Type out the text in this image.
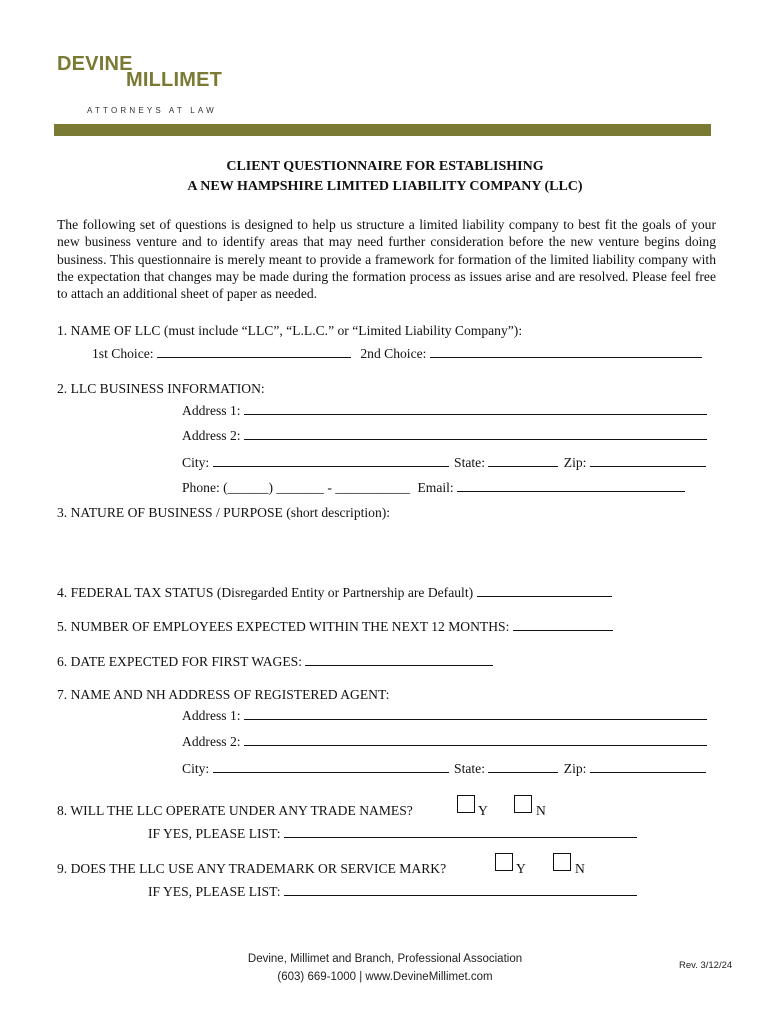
DEVINE
MILLIMET
ATTORNEYS AT LAW
CLIENT QUESTIONNAIRE FOR ESTABLISHING
A NEW HAMPSHIRE LIMITED LIABILITY COMPANY (LLC)
The following set of questions is designed to help us structure a limited liability company to best fit the goals of your new business venture and to identify areas that may need further consideration before the new venture begins doing business. This questionnaire is merely meant to provide a framework for formation of the limited liability company with the expectation that changes may be made during the formation process as issues arise and are resolved. Please feel free to attach an additional sheet of paper as needed.
1. NAME OF LLC (must include “LLC”, “L.L.C.” or “Limited Liability Company”):
1st Choice:	2nd Choice:
2. LLC BUSINESS INFORMATION:
Address 1:
Address 2:
City:	State:	Zip:
Phone: (______) _______ - ___________ Email:
3. NATURE OF BUSINESS / PURPOSE (short description):
4. FEDERAL TAX STATUS (Disregarded Entity or Partnership are Default)
5. NUMBER OF EMPLOYEES EXPECTED WITHIN THE NEXT 12 MONTHS:
6. DATE EXPECTED FOR FIRST WAGES:
7. NAME AND NH ADDRESS OF REGISTERED AGENT:
Address 1:
Address 2:
City:	State:	Zip:
8. WILL THE LLC OPERATE UNDER ANY TRADE NAMES?	Y	N
IF YES, PLEASE LIST:
9. DOES THE LLC USE ANY TRADEMARK OR SERVICE MARK?	Y	N
IF YES, PLEASE LIST:
Devine, Millimet and Branch, Professional Association
(603) 669-1000 | www.DevineMillimet.com
Rev. 3/12/24
